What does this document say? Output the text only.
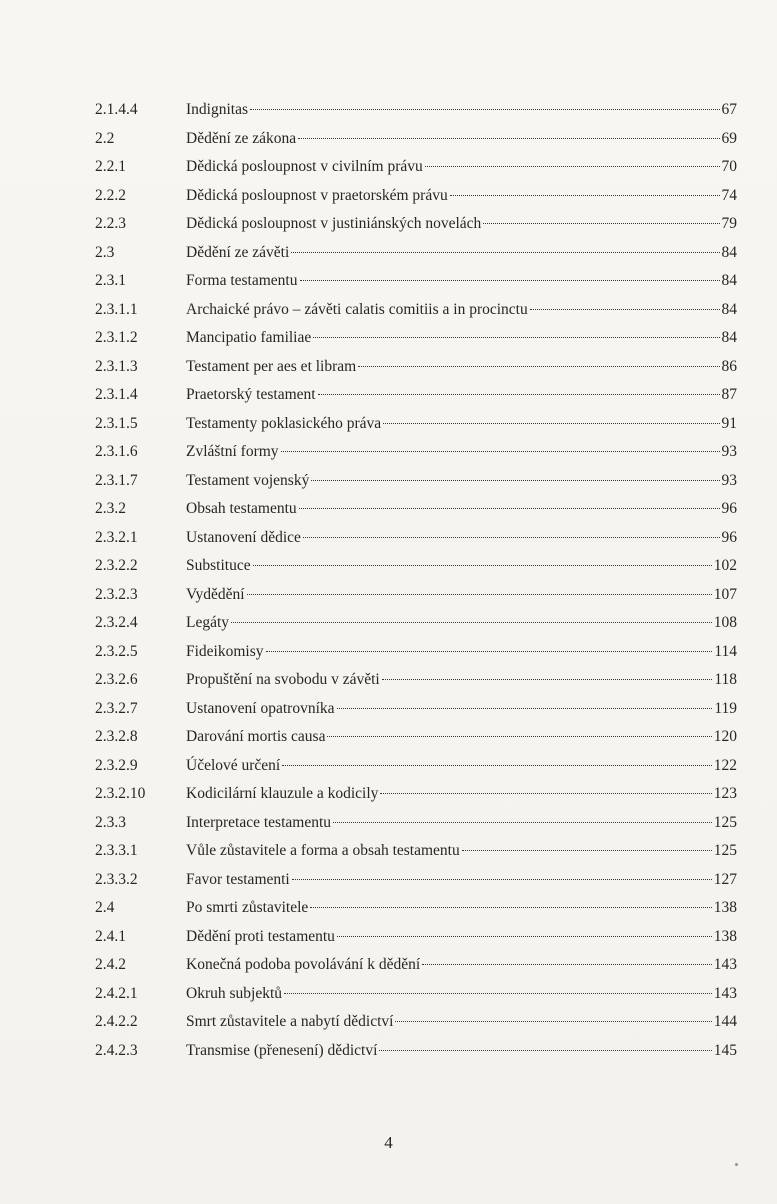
2.1.4.4	Indignitas	67
2.2	Dědění ze zákona	69
2.2.1	Dědická posloupnost v civilním právu	70
2.2.2	Dědická posloupnost v praetorském právu	74
2.2.3	Dědická posloupnost v justiniánských novelách	79
2.3	Dědění ze závěti	84
2.3.1	Forma testamentu	84
2.3.1.1	Archaické právo – závěti calatis comitiis a in procinctu	84
2.3.1.2	Mancipatio familiae	84
2.3.1.3	Testament per aes et libram	86
2.3.1.4	Praetorský testament	87
2.3.1.5	Testamenty poklasického práva	91
2.3.1.6	Zvláštní formy	93
2.3.1.7	Testament vojenský	93
2.3.2	Obsah testamentu	96
2.3.2.1	Ustanovení dědice	96
2.3.2.2	Substituce	102
2.3.2.3	Vydědění	107
2.3.2.4	Legáty	108
2.3.2.5	Fideikomisy	114
2.3.2.6	Propuštění na svobodu v závěti	118
2.3.2.7	Ustanovení opatrovníka	119
2.3.2.8	Darování mortis causa	120
2.3.2.9	Účelové určení	122
2.3.2.10	Kodicilární klauzule a kodicily	123
2.3.3	Interpretace testamentu	125
2.3.3.1	Vůle zůstavitele a forma a obsah testamentu	125
2.3.3.2	Favor testamenti	127
2.4	Po smrti zůstavitele	138
2.4.1	Dědění proti testamentu	138
2.4.2	Konečná podoba povolávání k dědění	143
2.4.2.1	Okruh subjektů	143
2.4.2.2	Smrt zůstavitele a nabytí dědictví	144
2.4.2.3	Transmise (přenesení) dědictví	145
4
